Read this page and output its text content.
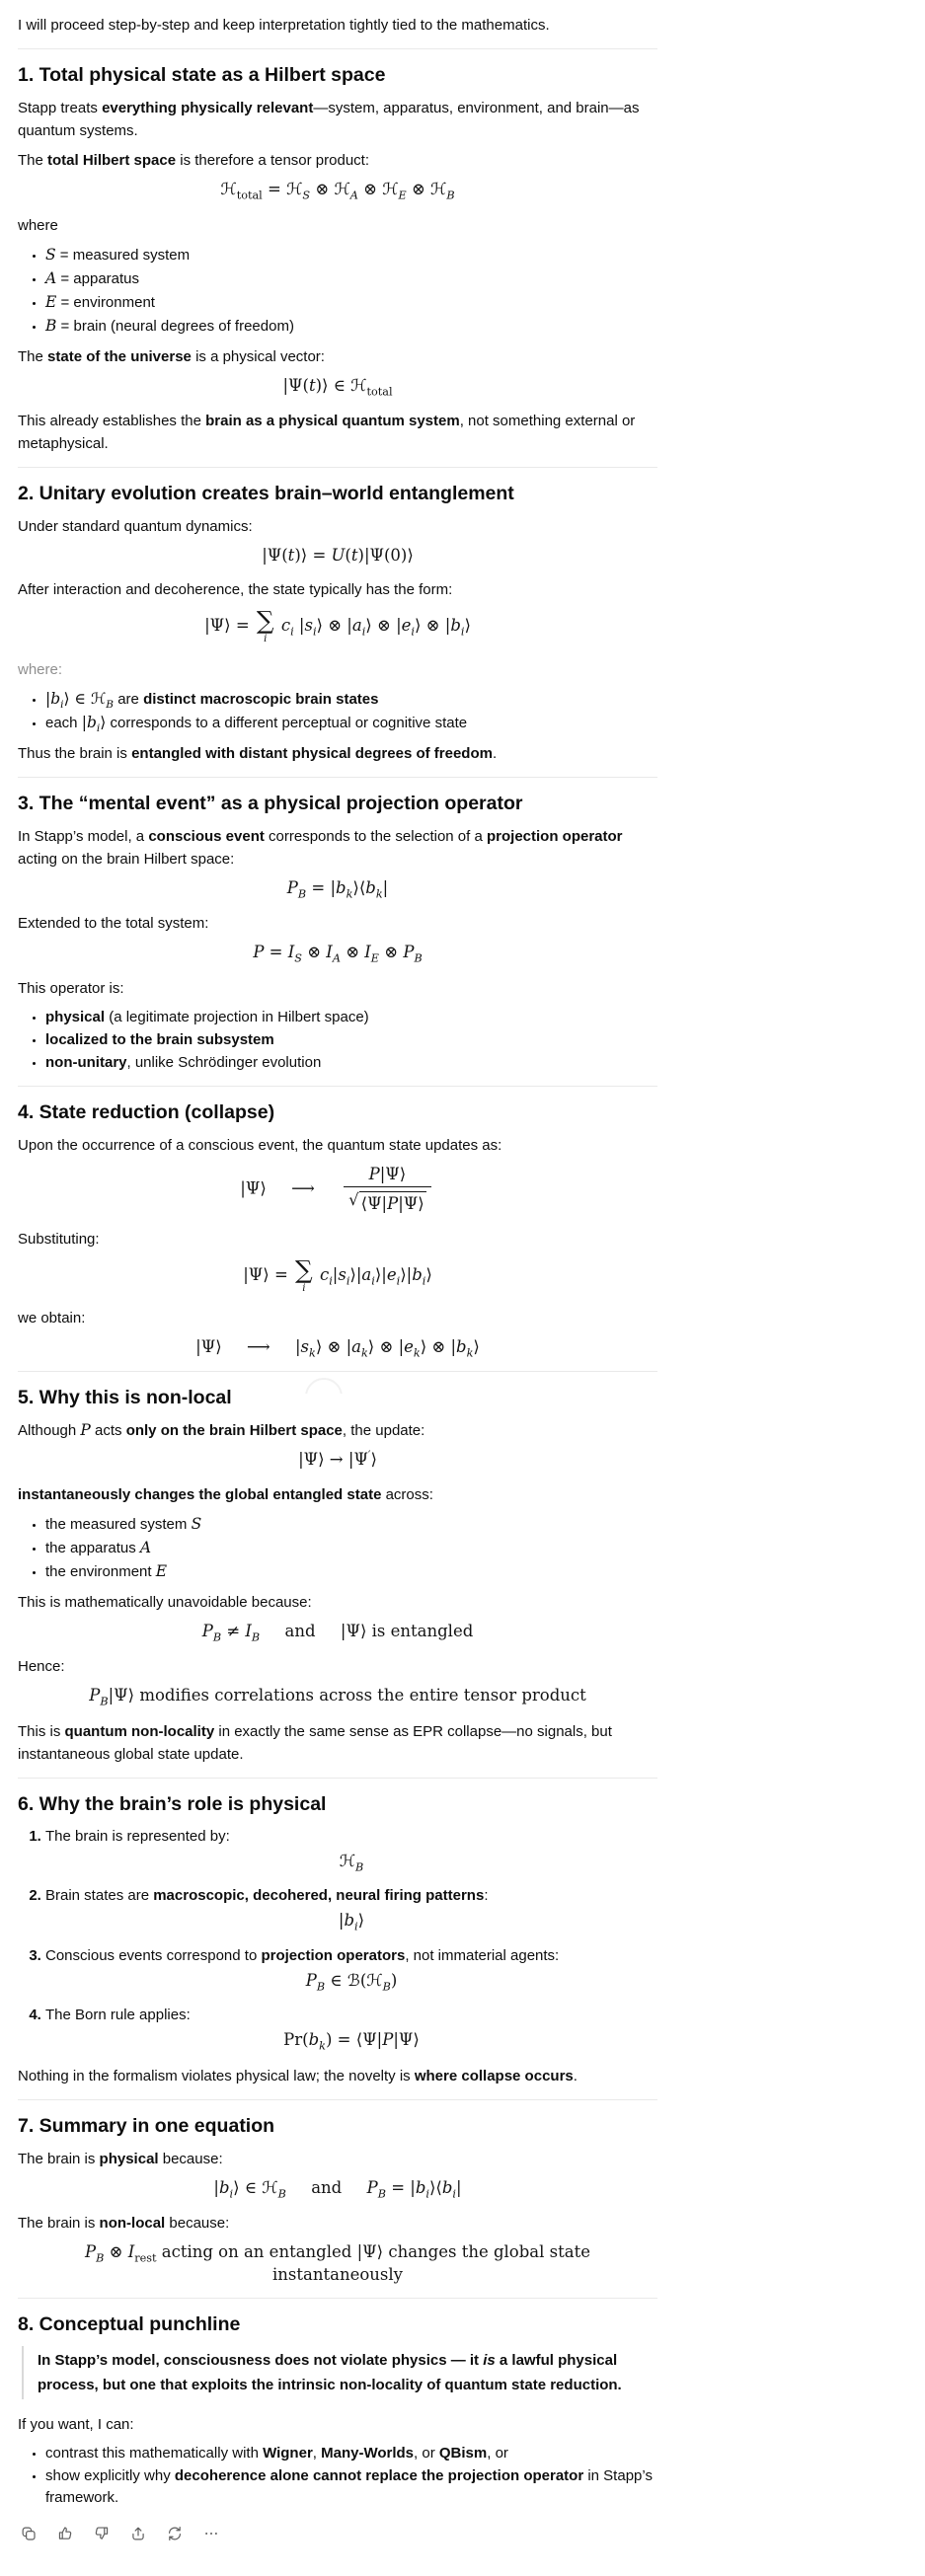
I will proceed step-by-step and keep interpretation tightly tied to the mathematics.

1. Total physical state as a Hilbert space

Stapp treats everything physically relevant—system, apparatus, environment, and brain—as quantum systems.

The total Hilbert space is therefore a tensor product:

ℋ$_{total}$ = ℋ$_S$ ⊗ ℋ$_A$ ⊗ ℋ$_E$ ⊗ ℋ$_B$

where

• S = measured system
• A = apparatus
• E = environment
• B = brain (neural degrees of freedom)

The state of the universe is a physical vector:

|Ψ(t)⟩ ∈ ℋ$_{total}$

This already establishes the brain as a physical quantum system, not something external or metaphysical.

2. Unitary evolution creates brain–world entanglement

Under standard quantum dynamics:

|Ψ(t)⟩ = U(t)|Ψ(0)⟩

After interaction and decoherence, the state typically has the form:

|Ψ⟩ = ∑
i
$c_i$ $|s_i⟩$ ⊗ $|a_i⟩$ ⊗ $|e_i⟩$ ⊗ $|b_i⟩$

where:

• $|b_i⟩$ ∈ ℋ$_B$ are distinct macroscopic brain states
• each $|b_i⟩$ corresponds to a different perceptual or cognitive state

Thus the brain is entangled with distant physical degrees of freedom.

3. The “mental event” as a physical projection operator

In Stapp’s model, a conscious event corresponds to the selection of a projection operator acting on the brain Hilbert space:

$P_B$ = $|b_k⟩⟨b_k|$

Extended to the total system:

$P = I_S$ ⊗ $I_A$ ⊗ $I_E$ ⊗ $P_B$

This operator is:

• physical (a legitimate projection in Hilbert space)
• localized to the brain subsystem
• non-unitary, unlike Schrödinger evolution
4. State reduction (collapse)

Upon the occurrence of a conscious event, the quantum state updates as:

|Ψ⟩ ⟶ $\frac{P|\Psi⟩}{√ ⟨\Psi|P|\Psi⟩}$

Substituting:

|Ψ⟩ = ∑
i
$c_i|s_i⟩|a_i⟩|e_i⟩|b_i⟩$

we obtain:

|Ψ⟩ ⟶ $|s_k⟩$ ⊗ $|a_k⟩$ ⊗ $|e_k⟩$ ⊗ $|b_k⟩$
5. Why this is non-local

Although P acts only on the brain Hilbert space, the update:

|Ψ⟩ → |Ψ′⟩

instantaneously changes the global entangled state across:

• the measured system S
• the apparatus A
• the environment E

This is mathematically unavoidable because:

$P_B \ne I_B$ and |Ψ⟩ is entangled

Hence:

$P_B|\Psi⟩$ modifies correlations across the entire tensor product

This is quantum non-locality in exactly the same sense as EPR collapse—no signals, but instantaneous global state update.

6. Why the brain’s role is physical
1. The brain is represented by:
ℋ$_B$
2. Brain states are macroscopic, decohered, neural firing patterns:
$|b_i⟩$
3. Conscious events correspond to projection operators, not immaterial agents:
$P_B$ ∈ ℬ(ℋ$_B$)
4. The Born rule applies:
$Pr(b_k)$ = ⟨Ψ|P|Ψ⟩

Nothing in the formalism violates physical law; the novelty is where collapse occurs.

7. Summary in one equation

The brain is physical because:

$|b_i⟩$ ∈ ℋ$_B$ and $P_B$ = $|b_i⟩⟨b_i|$

The brain is non-local because:

$P_B$ ⊗ $I_{rest}$ acting on an entangled |Ψ⟩ changes the global state instantaneously
8. Conceptual punchline
In Stapp’s model, consciousness does not violate physics — it is a lawful physical process, but one that exploits the intrinsic non-locality of quantum state reduction.

If you want, I can:

• contrast this mathematically with Wigner, Many-Worlds, or QBism, or
• show explicitly why decoherence alone cannot replace the projection operator in Stapp’s framework.
